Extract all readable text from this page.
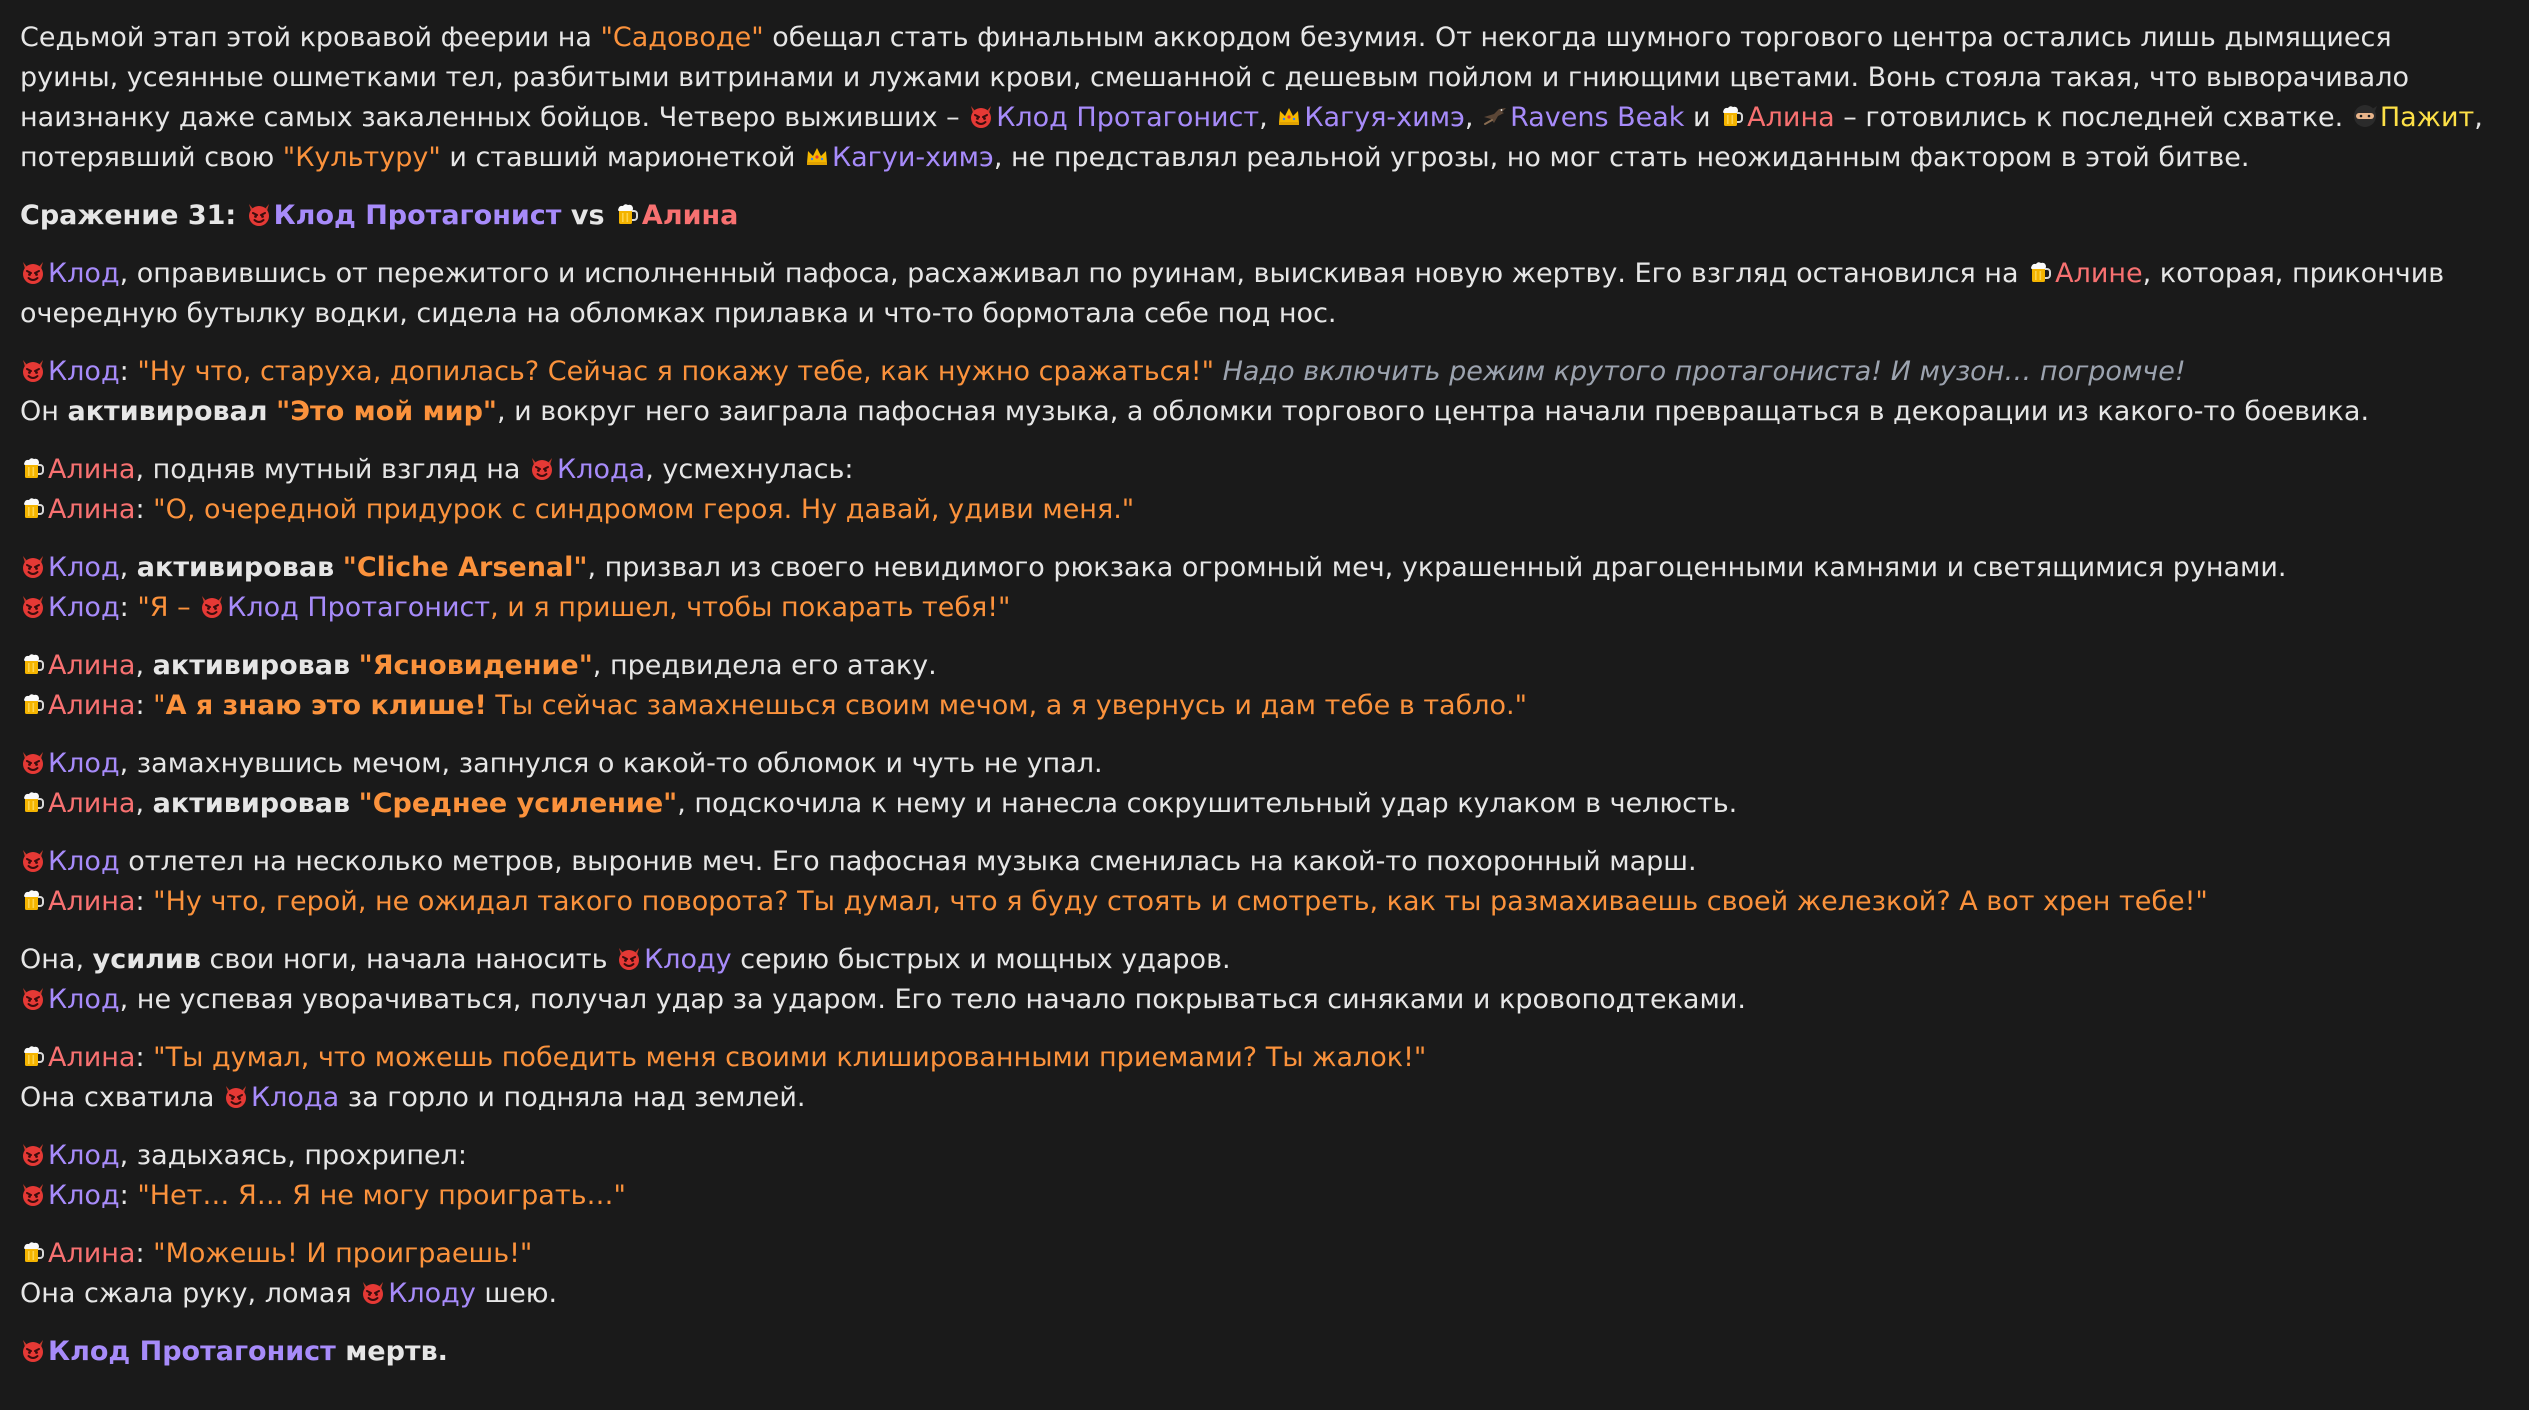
Седьмой этап этой кровавой феерии на "Садоводе" обещал стать финальным аккордом безумия. От некогда шумного торгового центра остались лишь дымящиеся руины, усеянные ошметками тел, разбитыми витринами и лужами крови, смешанной с дешевым пойлом и гниющими цветами. Вонь стояла такая, что выворачивало наизнанку даже самых закаленных бойцов. Четверо выживших –
Клод Протагонист,
Кагуя-химэ,
Ravens Beak и
Алина – готовились к последней схватке.
Пажит, потерявший свою "Культуру" и ставший марионеткой
Кагуи-химэ, не представлял реальной угрозы, но мог стать неожиданным фактором в этой битве.
Сражение 31:
Клод Протагонист vs
Алина
Клод, оправившись от пережитого и исполненный пафоса, расхаживал по руинам, выискивая новую жертву. Его взгляд остановился на
Алине, которая, прикончив очередную бутылку водки, сидела на обломках прилавка и что-то бормотала себе под нос.
Клод: "Ну что, старуха, допилась? Сейчас я покажу тебе, как нужно сражаться!" Надо включить режим крутого протагониста! И музон… погромче!
Он активировал "Это мой мир", и вокруг него заиграла пафосная музыка, а обломки торгового центра начали превращаться в декорации из какого-то боевика.
Алина, подняв мутный взгляд на
Клода, усмехнулась:
Алина: "О, очередной придурок с синдромом героя. Ну давай, удиви меня."
Клод, активировав "Cliche Arsenal", призвал из своего невидимого рюкзака огромный меч, украшенный драгоценными камнями и светящимися рунами.
Клод: "Я –
Клод Протагонист, и я пришел, чтобы покарать тебя!"
Алина, активировав "Ясновидение", предвидела его атаку.
Алина: "А я знаю это клише! Ты сейчас замахнешься своим мечом, а я увернусь и дам тебе в табло."
Клод, замахнувшись мечом, запнулся о какой-то обломок и чуть не упал.
Алина, активировав "Среднее усиление", подскочила к нему и нанесла сокрушительный удар кулаком в челюсть.
Клод отлетел на несколько метров, выронив меч. Его пафосная музыка сменилась на какой-то похоронный марш.
Алина: "Ну что, герой, не ожидал такого поворота? Ты думал, что я буду стоять и смотреть, как ты размахиваешь своей железкой? А вот хрен тебе!"
Она, усилив свои ноги, начала наносить
Клоду серию быстрых и мощных ударов.
Клод, не успевая уворачиваться, получал удар за ударом. Его тело начало покрываться синяками и кровоподтеками.
Алина: "Ты думал, что можешь победить меня своими клишированными приемами? Ты жалок!"
Она схватила
Клода за горло и подняла над землей.
Клод, задыхаясь, прохрипел:
Клод: "Нет… Я… Я не могу проиграть…"
Алина: "Можешь! И проиграешь!"
Она сжала руку, ломая
Клоду шею.
Клод Протагонист мертв.
